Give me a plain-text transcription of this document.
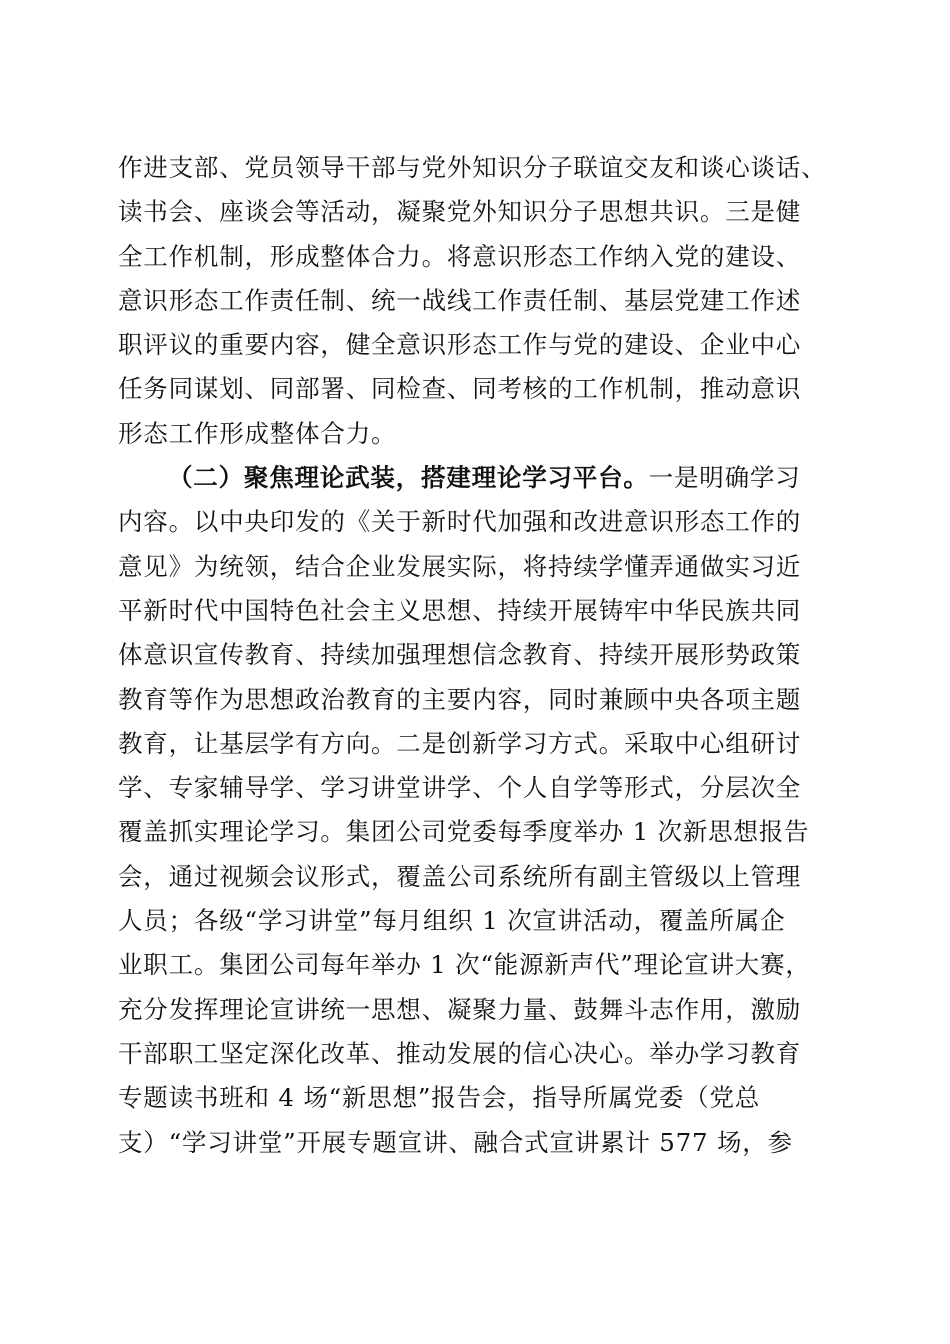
作进支部、党员领导干部与党外知识分子联谊交友和谈心谈话、
读书会、座谈会等活动，凝聚党外知识分子思想共识。三是健
全工作机制，形成整体合力。将意识形态工作纳入党的建设、
意识形态工作责任制、统一战线工作责任制、基层党建工作述
职评议的重要内容，健全意识形态工作与党的建设、企业中心
任务同谋划、同部署、同检查、同考核的工作机制，推动意识
形态工作形成整体合力。
（二）聚焦理论武装，搭建理论学习平台。一是明确学习
内容。以中央印发的《关于新时代加强和改进意识形态工作的
意见》为统领，结合企业发展实际，将持续学懂弄通做实习近
平新时代中国特色社会主义思想、持续开展铸牢中华民族共同
体意识宣传教育、持续加强理想信念教育、持续开展形势政策
教育等作为思想政治教育的主要内容，同时兼顾中央各项主题
教育，让基层学有方向。二是创新学习方式。采取中心组研讨
学、专家辅导学、学习讲堂讲学、个人自学等形式，分层次全
覆盖抓实理论学习。集团公司党委每季度举办 1 次新思想报告
会，通过视频会议形式，覆盖公司系统所有副主管级以上管理
人员；各级“学习讲堂”每月组织 1 次宣讲活动，覆盖所属企
业职工。集团公司每年举办 1 次“能源新声代”理论宣讲大赛，
充分发挥理论宣讲统一思想、凝聚力量、鼓舞斗志作用，激励
干部职工坚定深化改革、推动发展的信心决心。举办学习教育
专题读书班和 4 场“新思想”报告会，指导所属党委（党总
支）“学习讲堂”开展专题宣讲、融合式宣讲累计 577 场，参
